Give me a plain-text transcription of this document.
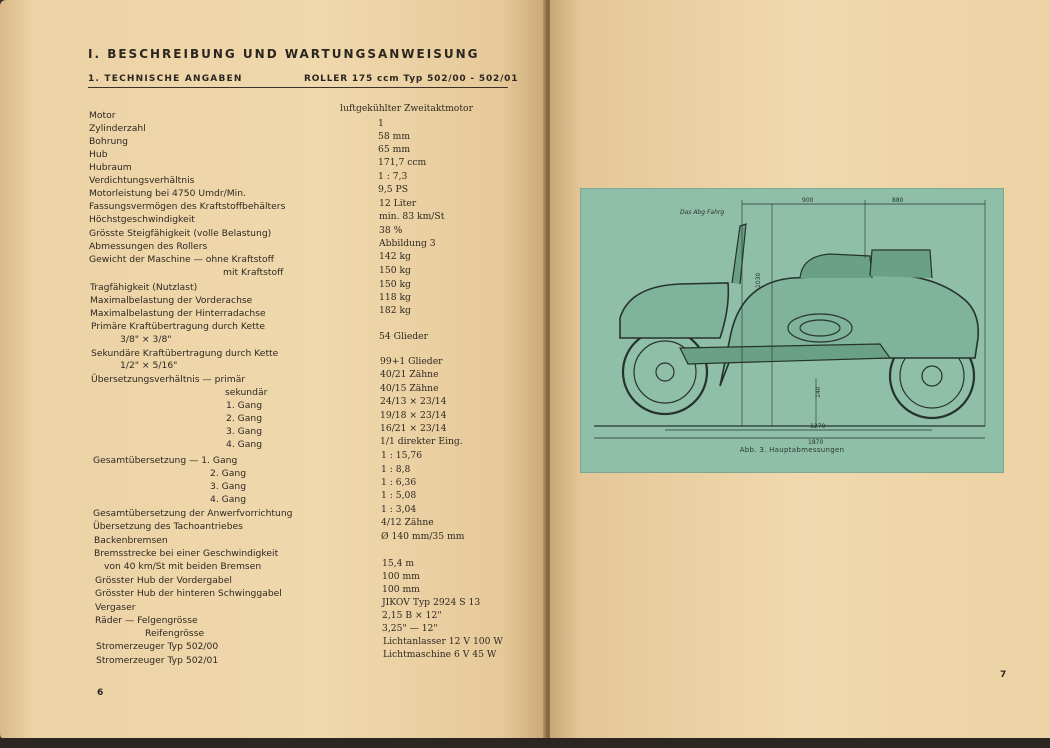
I. BESCHREIBUNG UND WARTUNGSANWEISUNG
1. TECHNISCHE ANGABEN	ROLLER 175 ccm Typ 502/00 - 502/01
Motor
Zylinderzahl
Bohrung
Hub
Hubraum
Verdichtungsverhältnis
Motorleistung bei 4750 Umdr/Min.
Fassungsvermögen des Kraftstoffbehälters
Höchstgeschwindigkeit
Grösste Steigfähigkeit (volle Belastung)
Abmessungen des Rollers
Gewicht der Maschine — ohne Kraftstoff
mit Kraftstoff
Tragfähigkeit (Nutzlast)
Maximalbelastung der Vorderachse
Maximalbelastung der Hinterradachse
Primäre Kraftübertragung durch Kette
3/8" × 3/8"
Sekundäre Kraftübertragung durch Kette
1/2" × 5/16"
Übersetzungsverhältnis — primär
sekundär
1. Gang
2. Gang
3. Gang
4. Gang
Gesamtübersetzung — 1. Gang
2. Gang
3. Gang
4. Gang
Gesamtübersetzung der Anwerfvorrichtung
Übersetzung des Tachoantriebes
Backenbremsen
Bremsstrecke bei einer Geschwindigkeit
von 40 km/St mit beiden Bremsen
Grösster Hub der Vordergabel
Grösster Hub der hinteren Schwinggabel
Vergaser
Räder — Felgengrösse
Reifengrösse
Stromerzeuger Typ 502/00
Stromerzeuger Typ 502/01
luftgekühlter Zweitaktmotor
1
58 mm
65 mm
171,7 ccm
1 : 7,3
9,5 PS
12 Liter
min. 83 km/St
38 %
Abbildung 3
142 kg
150 kg
150 kg
118 kg
182 kg
54 Glieder
99+1 Glieder
40/21 Zähne
40/15 Zähne
24/13 × 23/14
19/18 × 23/14
16/21 × 23/14
1/1 direkter Eing.
1 : 15,76
1 : 8,8
1 : 6,36
1 : 5,08
1 : 3,04
4/12 Zähne
Ø 140 mm/35 mm
15,4 m
100 mm
100 mm
JIKOV Typ 2924 S 13
2,15 B × 12"
3,25" — 12"
Lichtanlasser 12 V 100 W
Lichtmaschine 6 V 45 W
6
7
900	880
1270
1870
1030
140
Das Abg Fahrg
Abb. 3. Hauptabmessungen
